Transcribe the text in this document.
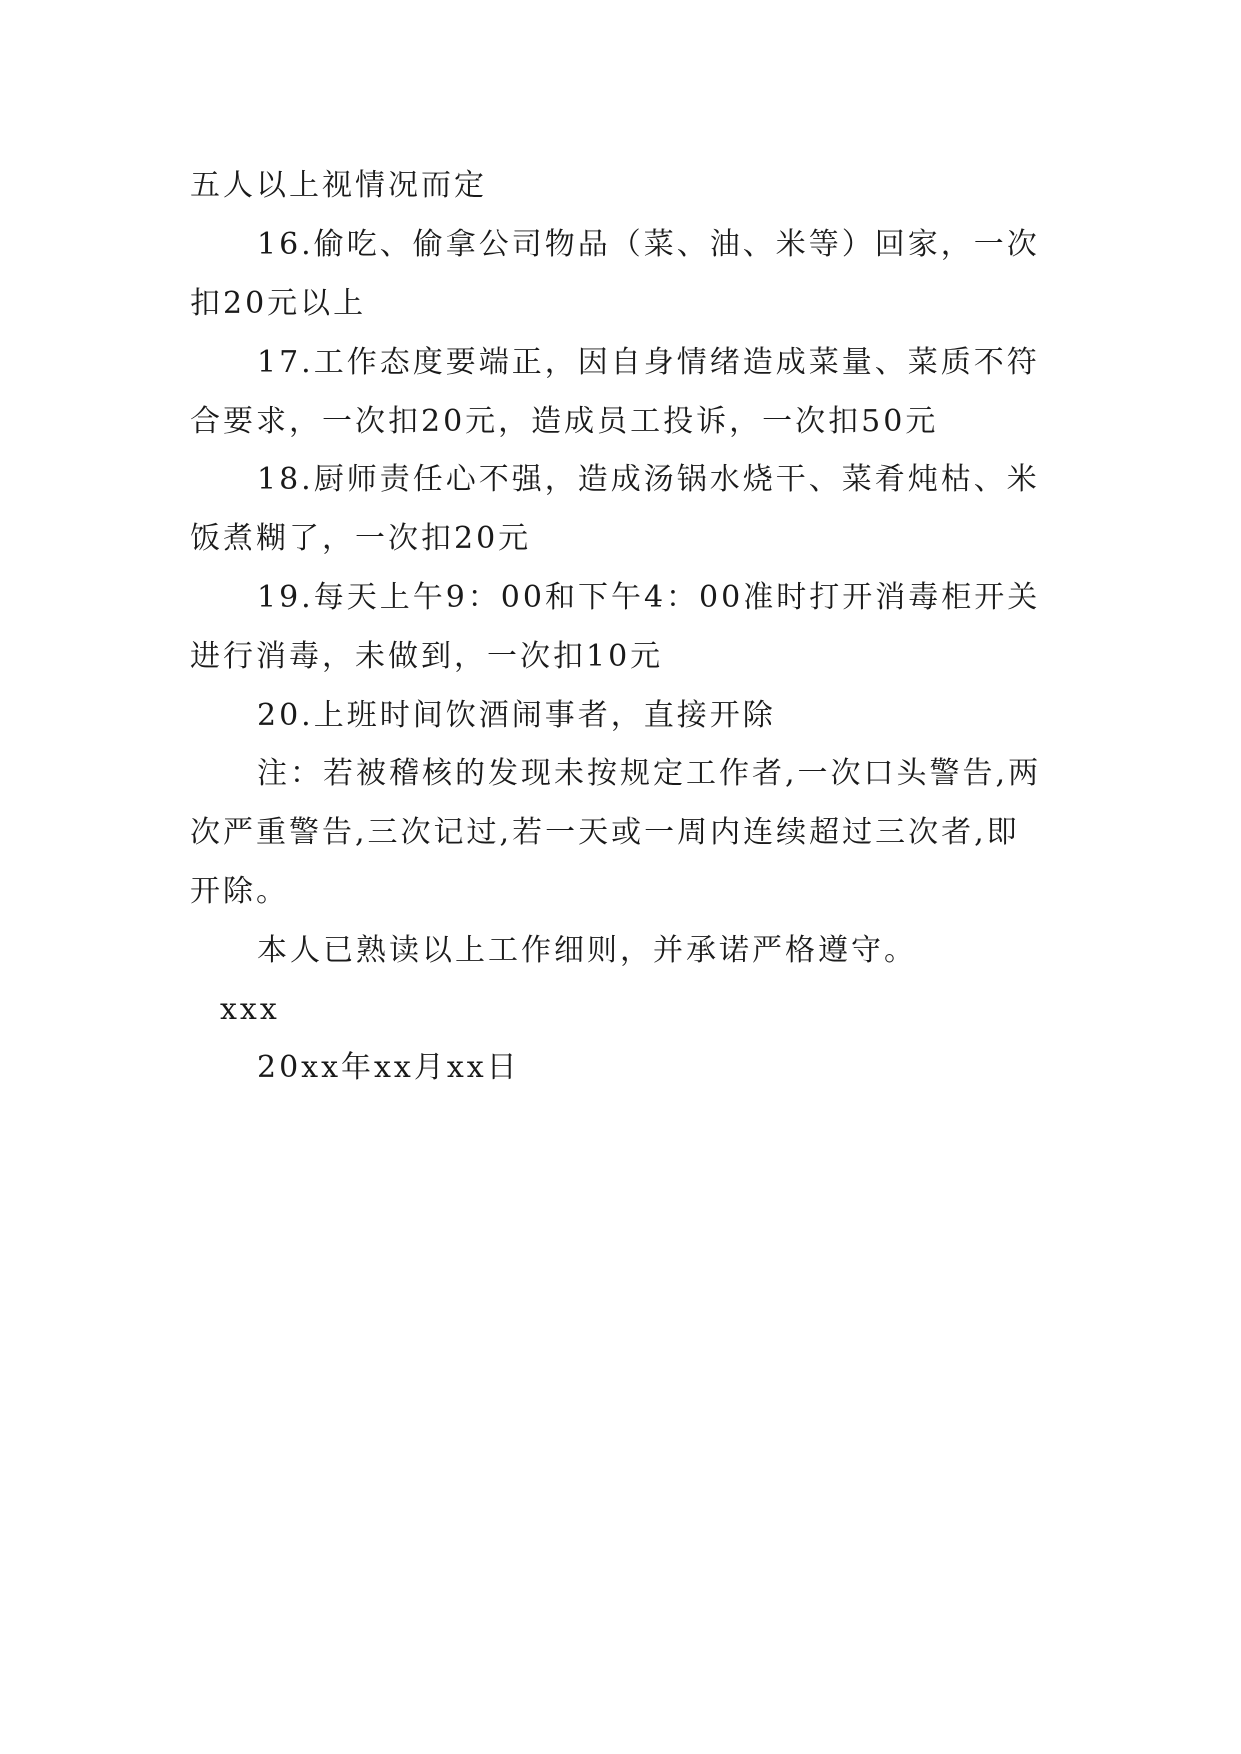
五人以上视情况而定

16.偷吃、偷拿公司物品（菜、油、米等）回家，一次

扣20元以上

17.工作态度要端正，因自身情绪造成菜量、菜质不符

合要求，一次扣20元，造成员工投诉，一次扣50元

18.厨师责任心不强，造成汤锅水烧干、菜肴炖枯、米

饭煮糊了，一次扣20元

19.每天上午9：00和下午4：00准时打开消毒柜开关

进行消毒，未做到，一次扣10元

20.上班时间饮酒闹事者，直接开除

注：若被稽核的发现未按规定工作者,一次口头警告,两

次严重警告,三次记过,若一天或一周内连续超过三次者,即

开除。

本人已熟读以上工作细则，并承诺严格遵守。

xxx

20xx年xx月xx日
